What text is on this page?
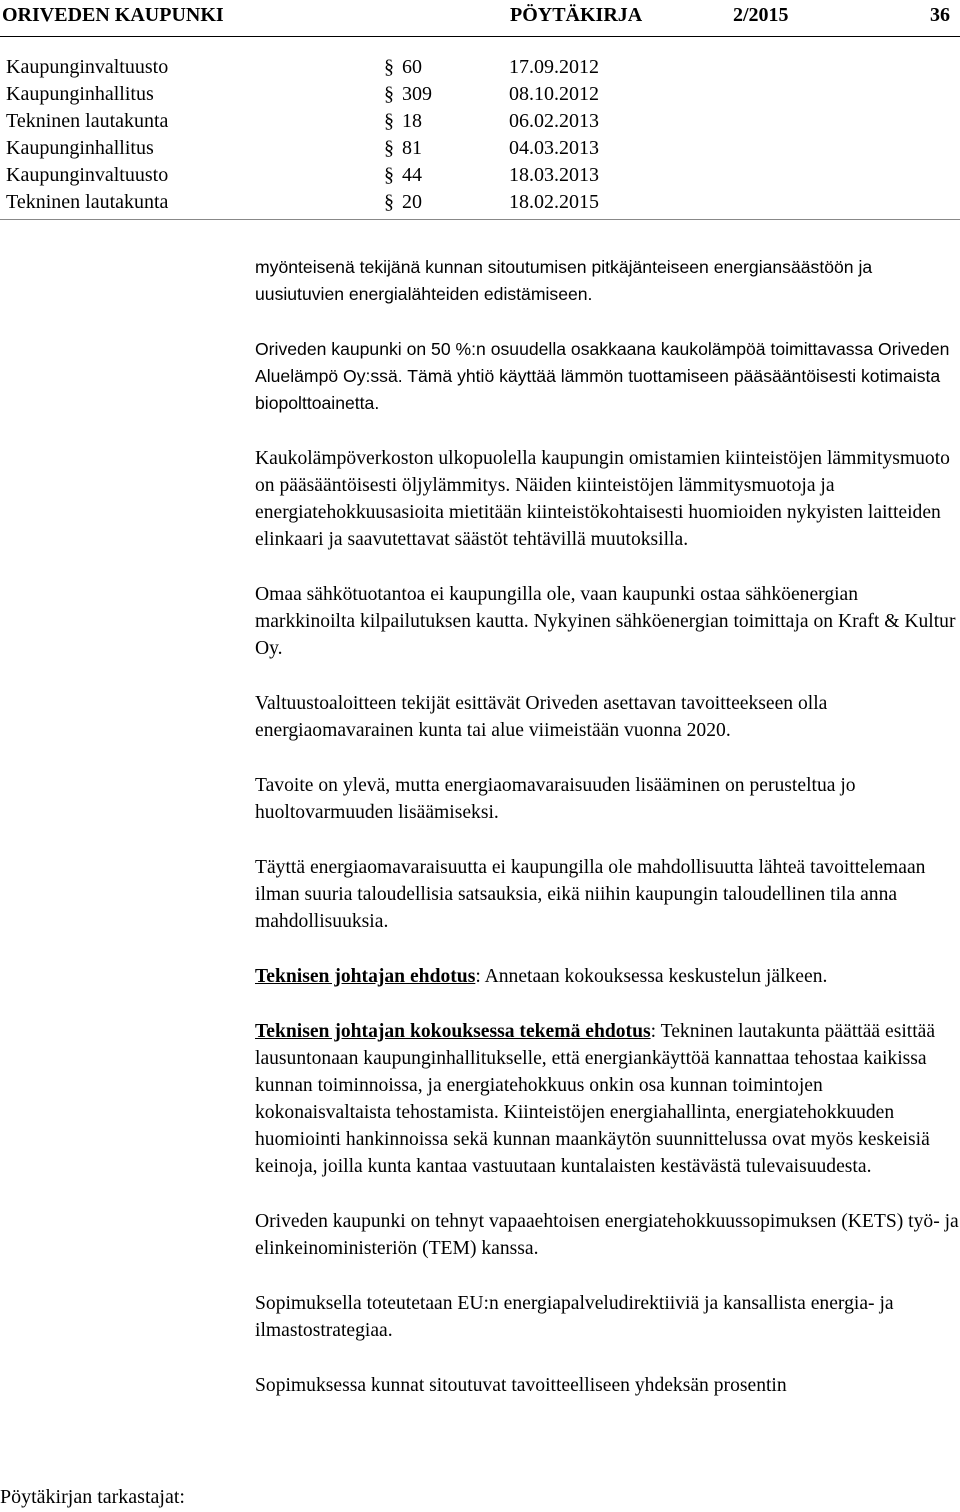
ORIVEDEN KAUPUNKI	PÖYTÄKIRJA	2/2015	36
Kaupunginvaltuusto	§ 60	17.09.2012
Kaupunginhallitus	§ 309	08.10.2012
Tekninen lautakunta	§ 18	06.02.2013
Kaupunginhallitus	§ 81	04.03.2013
Kaupunginvaltuusto	§ 44	18.03.2013
Tekninen lautakunta	§ 20	18.02.2015

myönteisenä tekijänä kunnan sitoutumisen pitkäjänteiseen energiansäästöön ja uusiutuvien energialähteiden edistämiseen.

Oriveden kaupunki on 50 %:n osuudella osakkaana kaukolämpöä toimittavassa Oriveden Aluelämpö Oy:ssä. Tämä yhtiö käyttää lämmön tuottamiseen pääsääntöisesti kotimaista biopolttoainetta.

Kaukolämpöverkoston ulkopuolella kaupungin omistamien kiinteistöjen lämmitysmuoto on pääsääntöisesti öljylämmitys. Näiden kiinteistöjen lämmitysmuotoja ja energiatehokkuusasioita mietitään kiinteistökohtaisesti huomioiden nykyisten laitteiden elinkaari ja saavutettavat säästöt tehtävillä muutoksilla.

Omaa sähkötuotantoa ei kaupungilla ole, vaan kaupunki ostaa sähköenergian markkinoilta kilpailutuksen kautta. Nykyinen sähköenergian toimittaja on Kraft & Kultur Oy.

Valtuustoaloitteen tekijät esittävät Oriveden asettavan tavoitteekseen olla energiaomavarainen kunta tai alue viimeistään vuonna 2020.

Tavoite on ylevä, mutta energiaomavaraisuuden lisääminen on perusteltua jo huoltovarmuuden lisäämiseksi.

Täyttä energiaomavaraisuutta ei kaupungilla ole mahdollisuutta lähteä tavoittelemaan ilman suuria taloudellisia satsauksia, eikä niihin kaupungin taloudellinen tila anna mahdollisuuksia.

Teknisen johtajan ehdotus: Annetaan kokouksessa keskustelun jälkeen.

Teknisen johtajan kokouksessa tekemä ehdotus: Tekninen lautakunta päättää esittää lausuntonaan kaupunginhallitukselle, että energiankäyttöä kannattaa tehostaa kaikissa kunnan toiminnoissa, ja energiatehokkuus onkin osa kunnan toimintojen kokonaisvaltaista tehostamista. Kiinteistöjen energiahallinta, energiatehokkuuden huomiointi hankinnoissa sekä kunnan maankäytön suunnittelussa ovat myös keskeisiä keinoja, joilla kunta kantaa vastuutaan kuntalaisten kestävästä tulevaisuudesta.

Oriveden kaupunki on tehnyt vapaaehtoisen energiatehokkuussopimuksen (KETS) työ- ja elinkeinoministeriön (TEM) kanssa.

Sopimuksella toteutetaan EU:n energiapalveludirektiiviä ja kansallista energia- ja ilmastostrategiaa.

Sopimuksessa kunnat sitoutuvat tavoitteelliseen yhdeksän prosentin

Pöytäkirjan tarkastajat:
